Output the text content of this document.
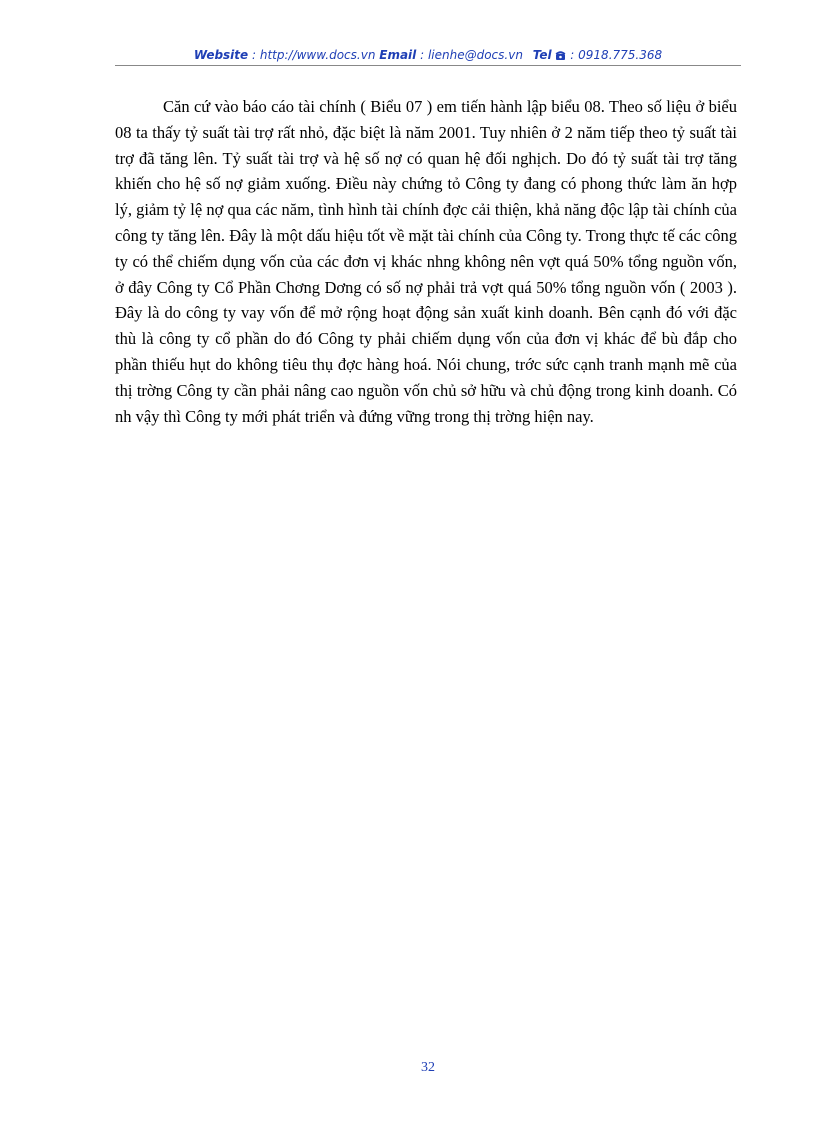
Website : http://www.docs.vn Email : lienhe@docs.vn Tel  : 0918.775.368

Căn cứ vào báo cáo tài chính ( Biểu 07 ) em tiến hành lập biểu 08. Theo số liệu ở biểu 08 ta thấy tỷ suất tài trợ rất nhỏ, đặc biệt là năm 2001. Tuy nhiên ở 2 năm tiếp theo tỷ suất tài trợ đã tăng lên. Tỷ suất tài trợ và hệ số nợ có quan hệ đối nghịch. Do đó tỷ suất tài trợ tăng khiến cho hệ số nợ giảm xuống. Điều này chứng tỏ Công ty đang có phong thức làm ăn hợp lý, giảm tỷ lệ nợ qua các năm, tình hình tài chính đợc cải thiện, khả năng độc lập tài chính của công ty tăng lên. Đây là một dấu hiệu tốt về mặt tài chính của Công ty. Trong thực tế các công ty có thể chiếm dụng vốn của các đơn vị khác nhng không nên vợt quá 50% tổng nguồn vốn, ở đây Công ty Cổ Phần Chơng Dơng có số nợ phải trả vợt quá 50% tổng nguồn vốn ( 2003 ). Đây là do công ty vay vốn để mở rộng hoạt động sản xuất kinh doanh. Bên cạnh đó với đặc thù là công ty cổ phần do đó Công ty phải chiếm dụng vốn của đơn vị khác để bù đắp cho phần thiếu hụt do không tiêu thụ đợc hàng hoá. Nói chung, trớc sức cạnh tranh mạnh mẽ của thị trờng Công ty cần phải nâng cao nguồn vốn chủ sở hữu và chủ động trong kinh doanh. Có nh vậy thì Công ty mới phát triển và đứng vững trong thị trờng hiện nay.

32
